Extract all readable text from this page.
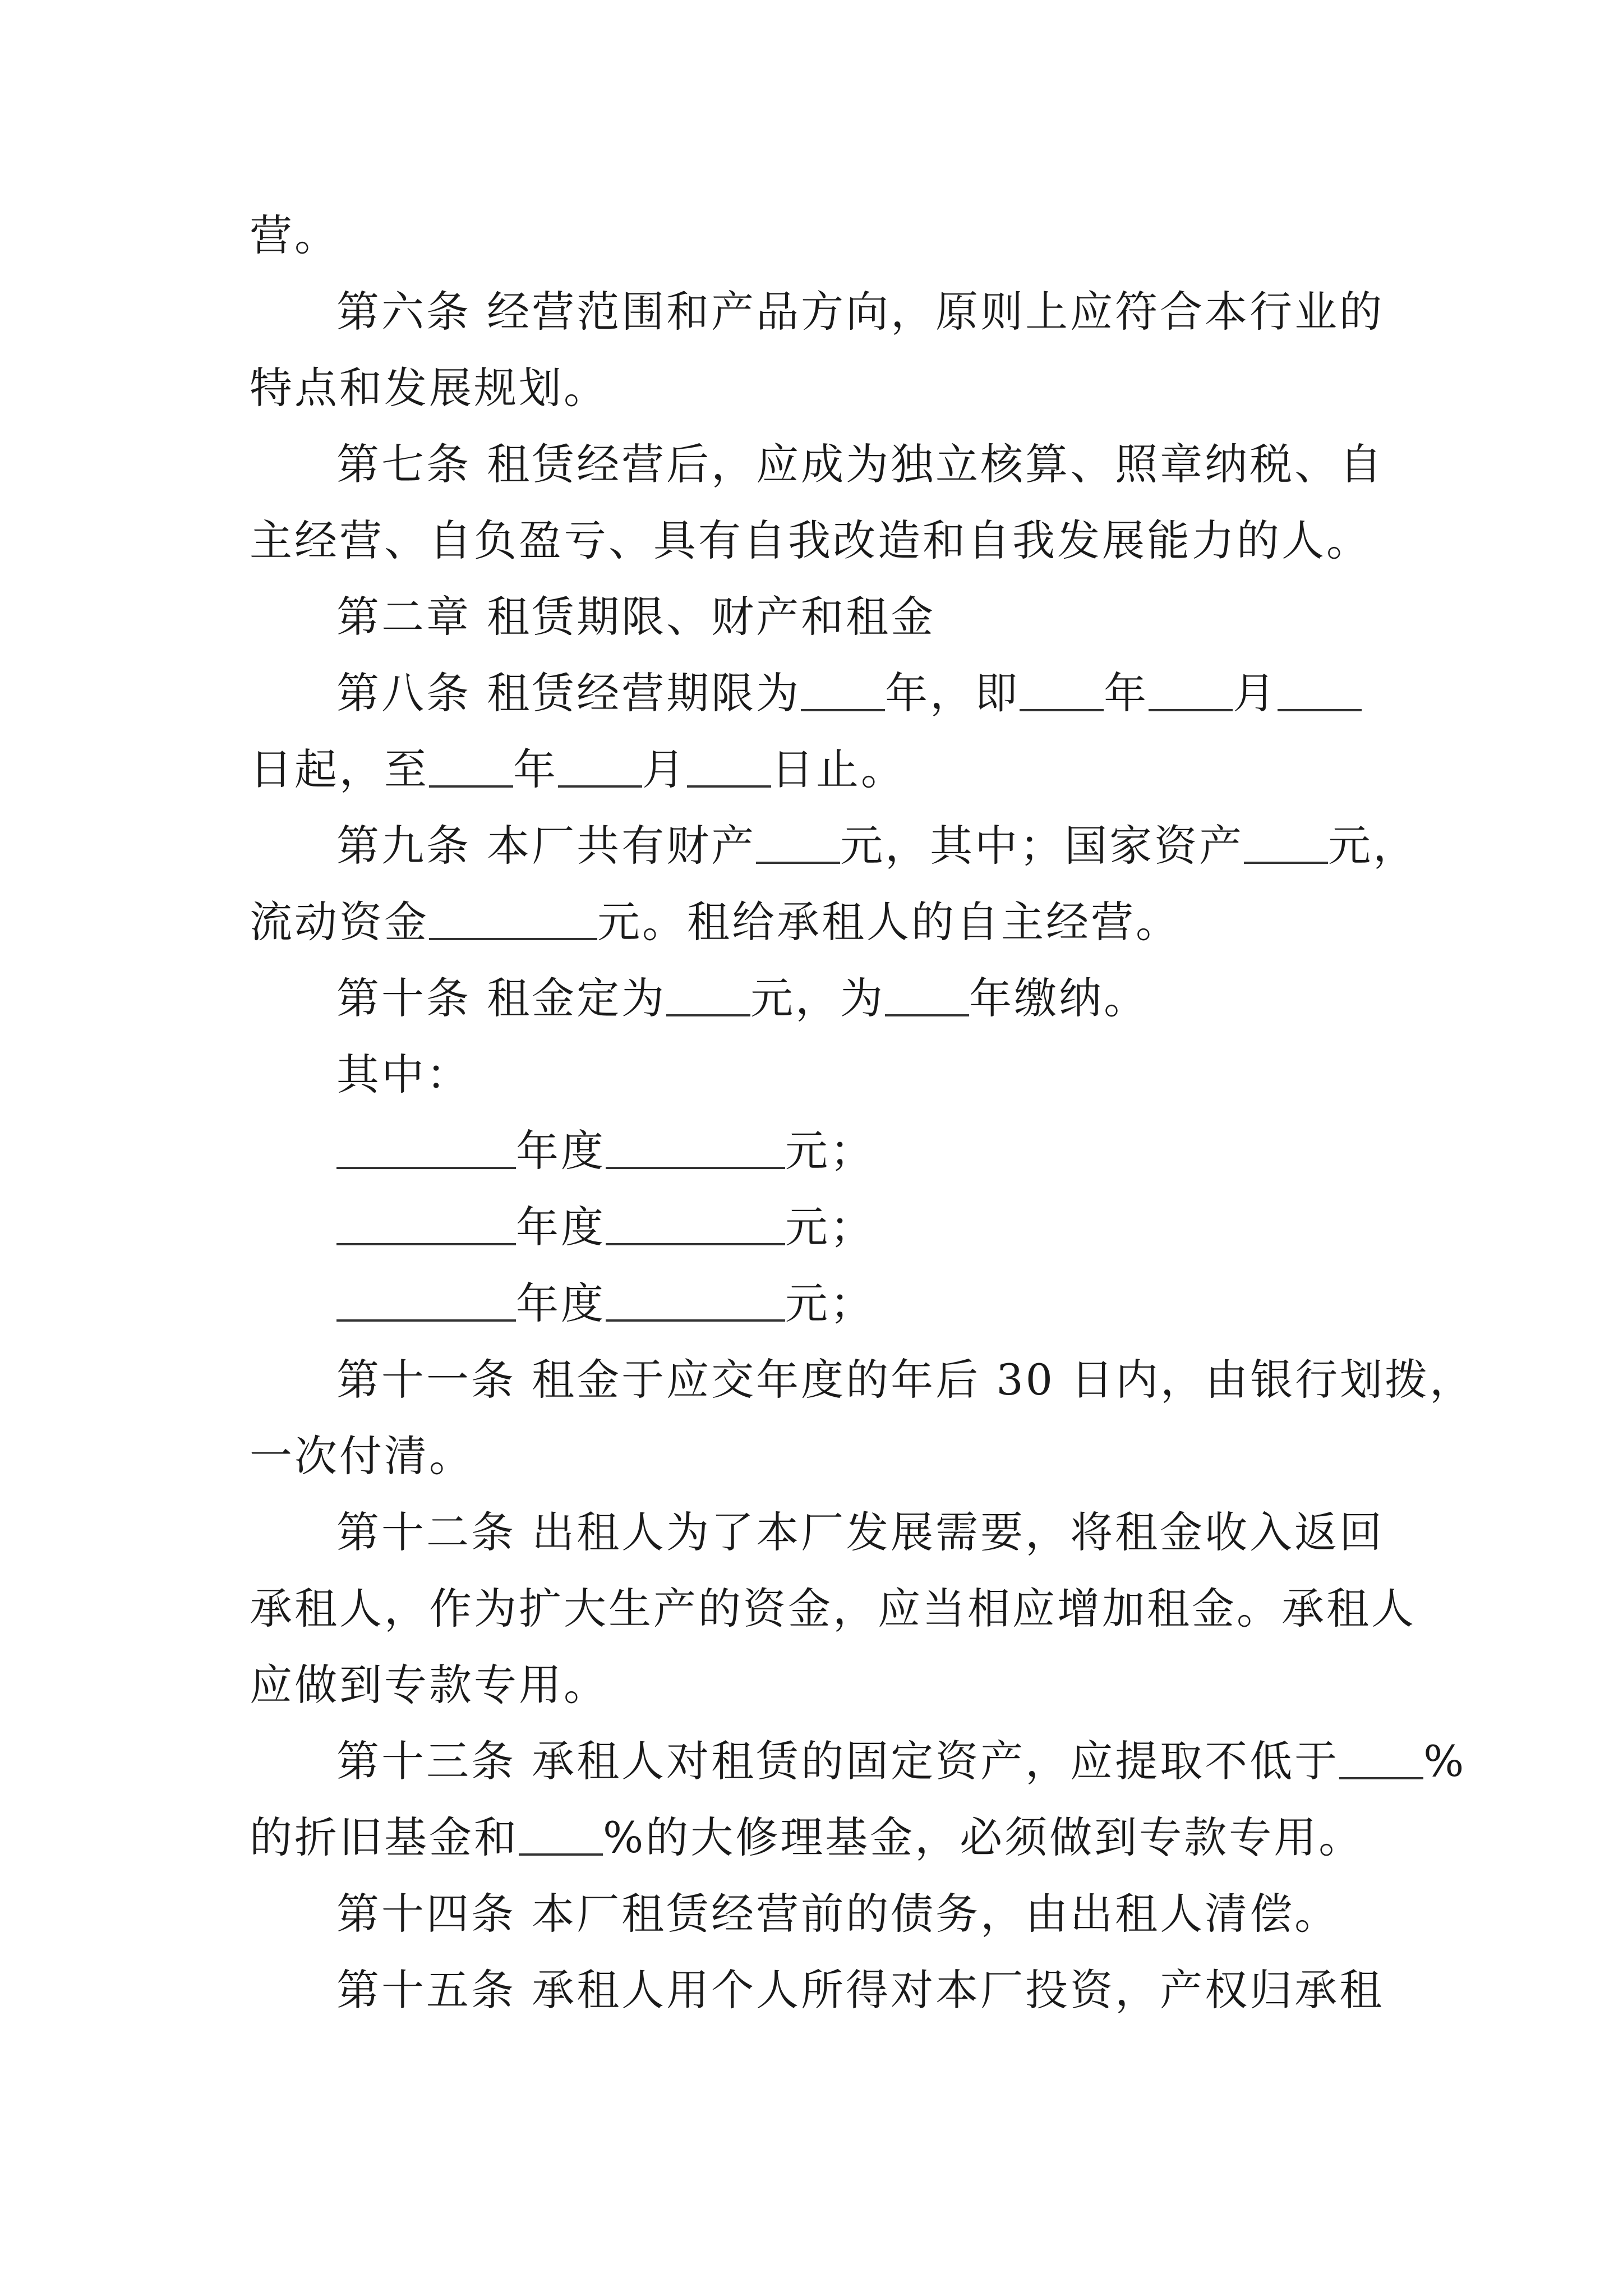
营。
第六条 经营范围和产品方向，原则上应符合本行业的
特点和发展规划。
第七条 租赁经营后，应成为独立核算、照章纳税、自
主经营、自负盈亏、具有自我改造和自我发展能力的人。
第二章 租赁期限、财产和租金
第八条 租赁经营期限为 年，即 年 月
日起，至 年 月 日止。
第九条 本厂共有财产 元，其中；国家资产 元，
流动资金	元。租给承租人的自主经营。
第十条 租金定为 元，为 年缴纳。
其中：
年度	元；
年度	元；
年度	元；
第十一条 租金于应交年度的年后 30 日内，由银行划拨，
一次付清。
第十二条 出租人为了本厂发展需要，将租金收入返回
承租人，作为扩大生产的资金，应当相应增加租金。承租人
应做到专款专用。
第十三条 承租人对租赁的固定资产，应提取不低于 %
的折旧基金和 %的大修理基金，必须做到专款专用。
第十四条 本厂租赁经营前的债务，由出租人清偿。
第十五条 承租人用个人所得对本厂投资，产权归承租
